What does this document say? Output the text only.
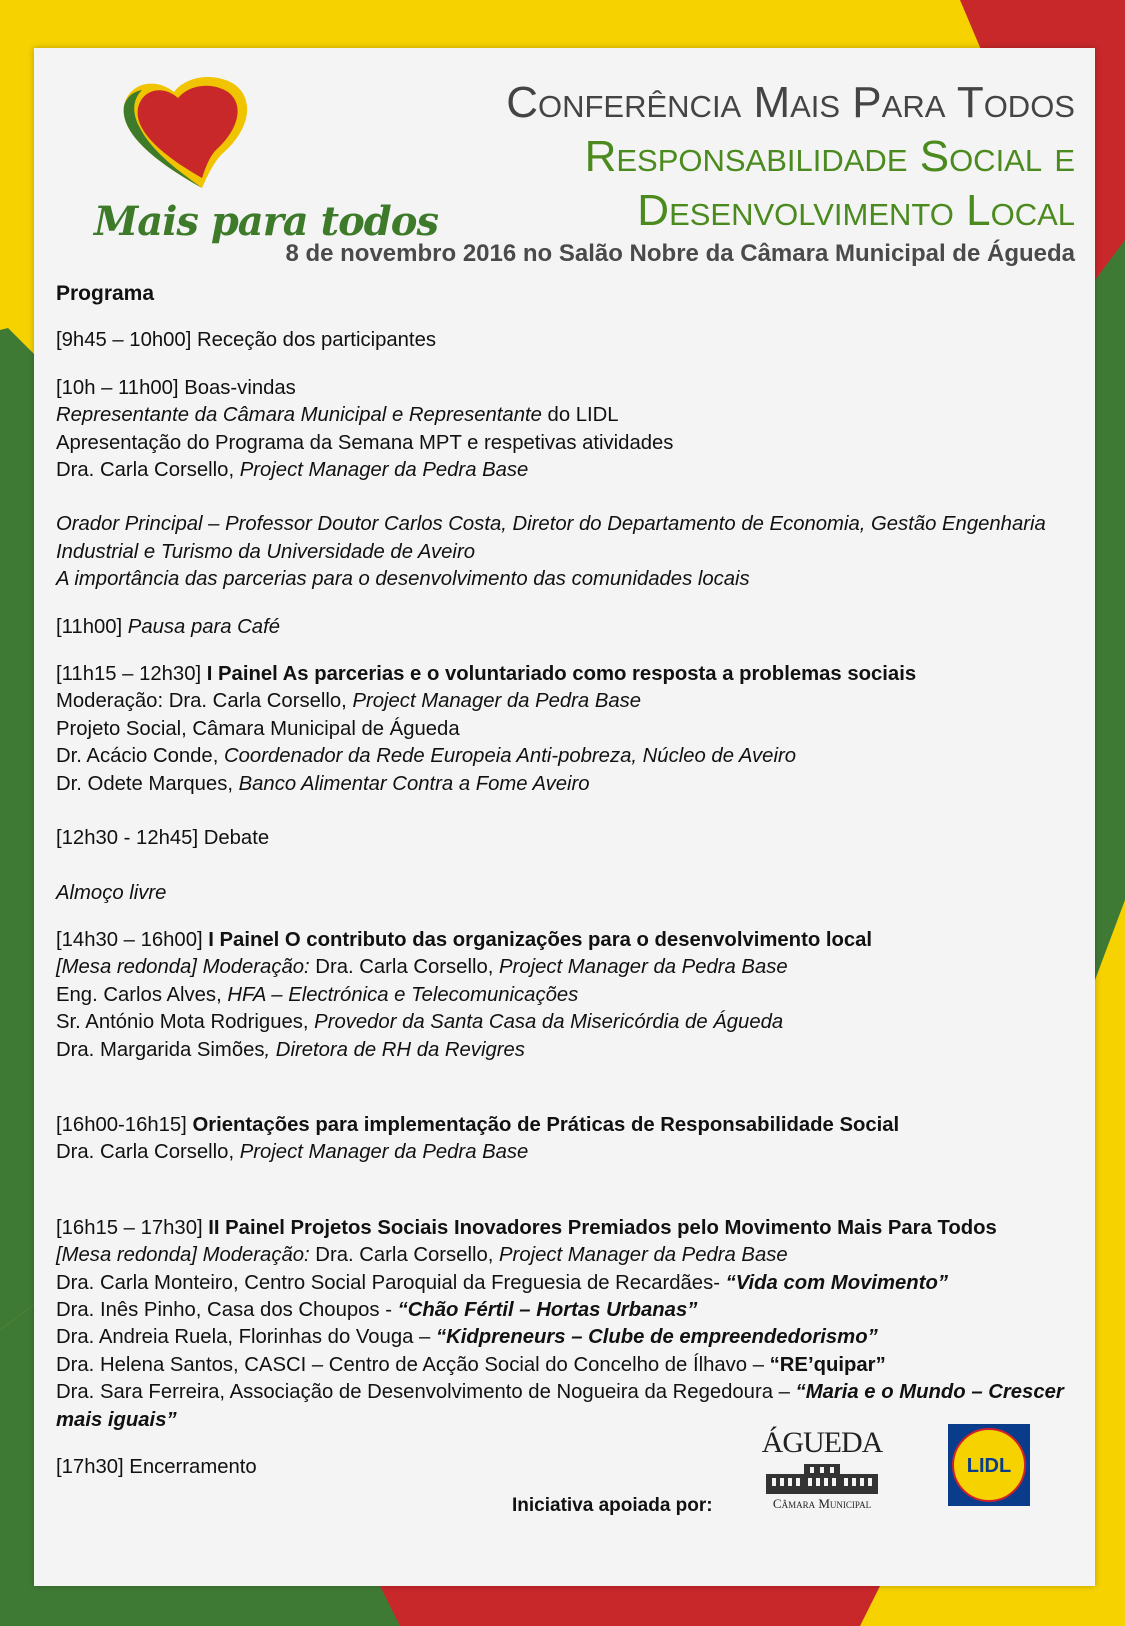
Mais para todos
Conferência Mais Para Todos
Responsabilidade Social e
Desenvolvimento Local
8 de novembro 2016 no Salão Nobre da Câmara Municipal de Águeda
Programa

[9h45 – 10h00] Receção dos participantes

[10h – 11h00] Boas-vindas

Representante da Câmara Municipal e Representante do LIDL

Apresentação do Programa da Semana MPT e respetivas atividades

Dra. Carla Corsello, Project Manager da Pedra Base

Orador Principal – Professor Doutor Carlos Costa, Diretor do Departamento de Economia, Gestão Engenharia

Industrial e Turismo da Universidade de Aveiro

A importância das parcerias para o desenvolvimento das comunidades locais

[11h00] Pausa para Café

[11h15 – 12h30] I Painel As parcerias e o voluntariado como resposta a problemas sociais

Moderação: Dra. Carla Corsello, Project Manager da Pedra Base

Projeto Social, Câmara Municipal de Águeda

Dr. Acácio Conde, Coordenador da Rede Europeia Anti-pobreza, Núcleo de Aveiro

Dr. Odete Marques, Banco Alimentar Contra a Fome Aveiro

[12h30 - 12h45] Debate

Almoço livre

[14h30 – 16h00] I Painel O contributo das organizações para o desenvolvimento local

[Mesa redonda] Moderação: Dra. Carla Corsello, Project Manager da Pedra Base

Eng. Carlos Alves, HFA – Electrónica e Telecomunicações

Sr. António Mota Rodrigues, Provedor da Santa Casa da Misericórdia de Águeda

Dra. Margarida Simões, Diretora de RH da Revigres

[16h00-16h15] Orientações para implementação de Práticas de Responsabilidade Social

Dra. Carla Corsello, Project Manager da Pedra Base

[16h15 – 17h30] II Painel Projetos Sociais Inovadores Premiados pelo Movimento Mais Para Todos

[Mesa redonda] Moderação: Dra. Carla Corsello, Project Manager da Pedra Base

Dra. Carla Monteiro, Centro Social Paroquial da Freguesia de Recardães- “Vida com Movimento”

Dra. Inês Pinho, Casa dos Choupos - “Chão Fértil – Hortas Urbanas”

Dra. Andreia Ruela, Florinhas do Vouga – “Kidpreneurs – Clube de empreendedorismo”

Dra. Helena Santos, CASCI – Centro de Acção Social do Concelho de Ílhavo – “RE’quipar”

Dra. Sara Ferreira, Associação de Desenvolvimento de Nogueira da Regedoura – “Maria e o Mundo – Crescer mais iguais”

[17h30] Encerramento

Iniciativa apoiada por:
ÁGUEDA
Câmara Municipal
LIDL
